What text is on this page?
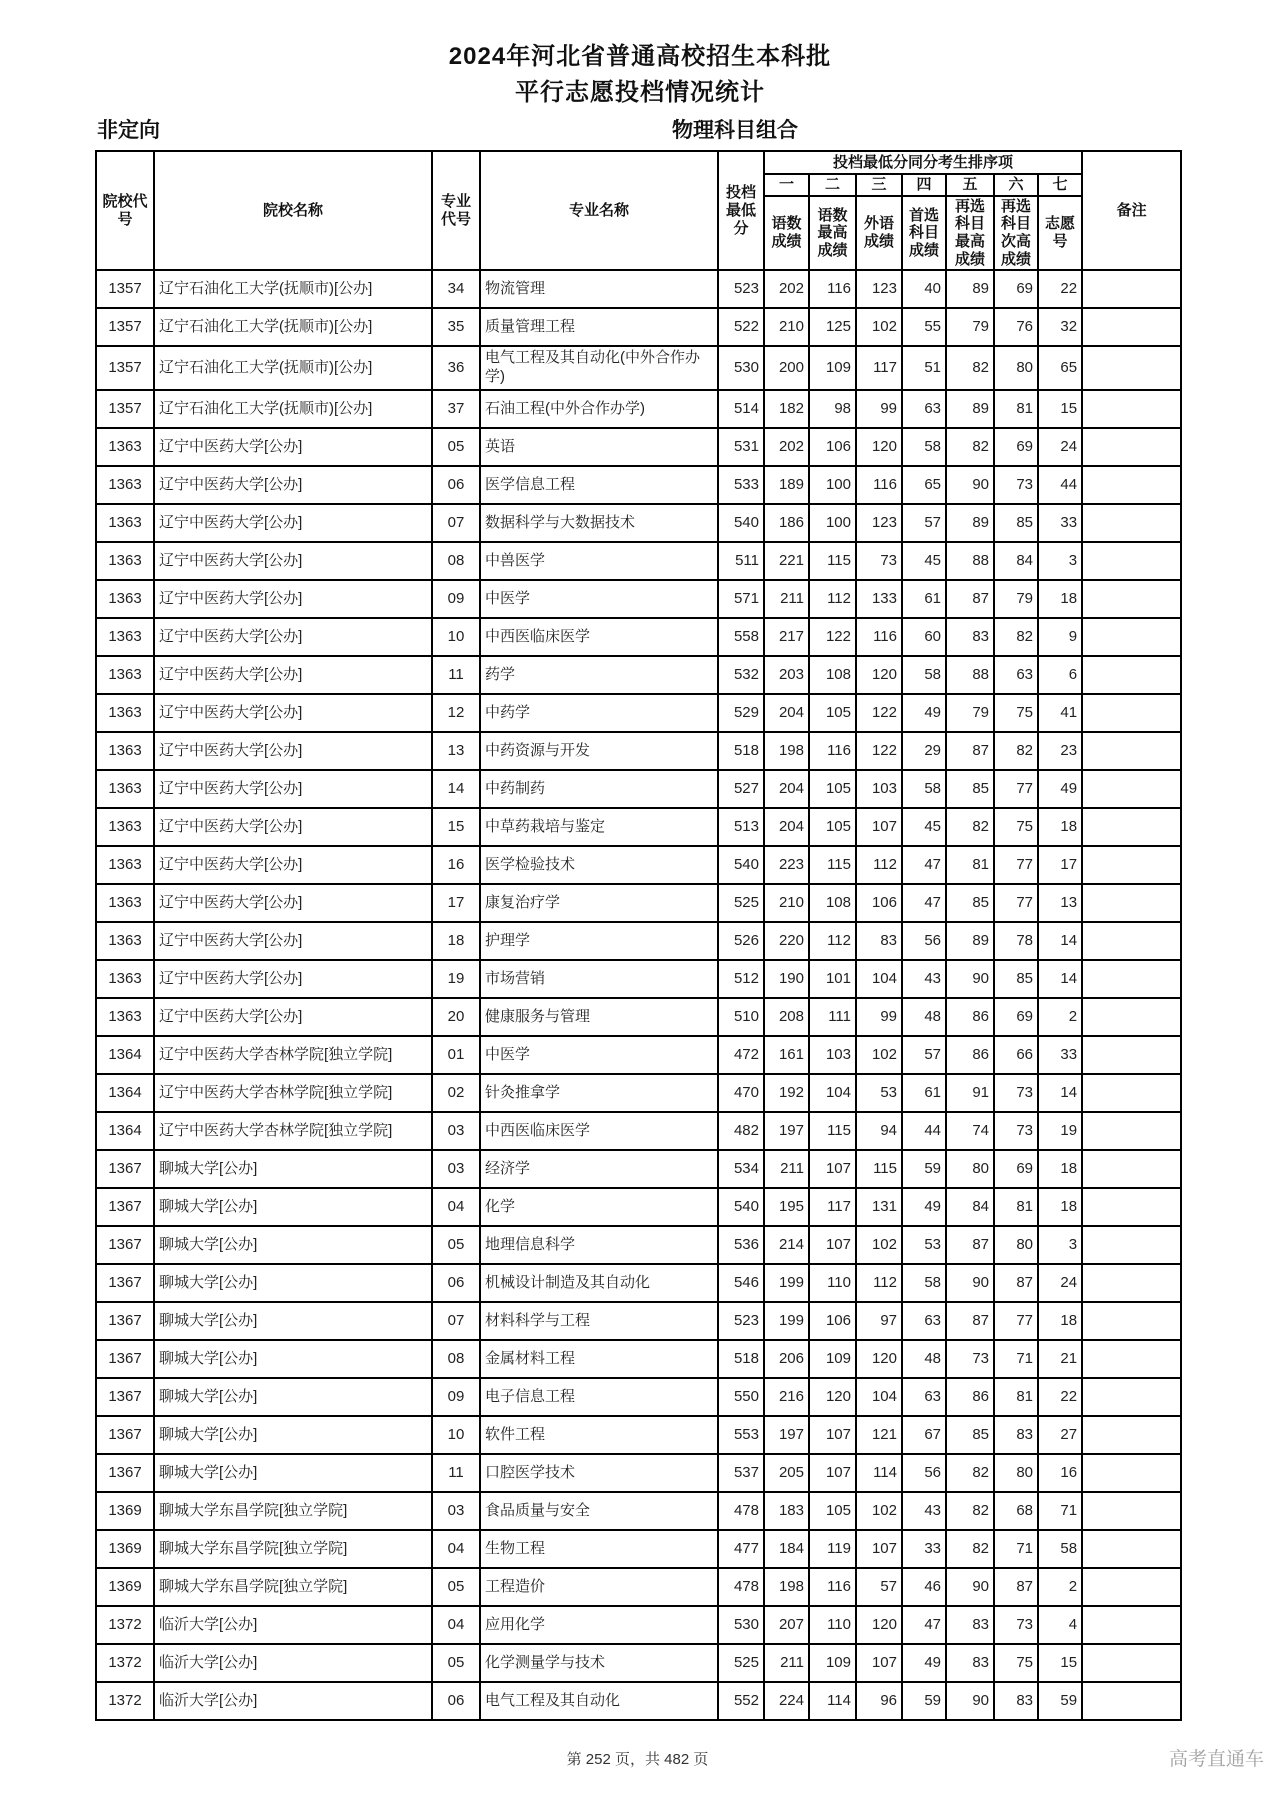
2024年河北省普通高校招生本科批
平行志愿投档情况统计
非定向	物理科目组合
院校代号	院校名称	专业代号	专业名称	投档最低分	投档最低分同分考生排序项							备注
					一	二	三	四	五	六	七	
					语数成绩	语数最高成绩	外语成绩	首选科目成绩	再选科目最高成绩	再选科目次高成绩	志愿号	
1357	辽宁石油化工大学(抚顺市)[公办]	34	物流管理	523	202	116	123	40	89	69	22	
1357	辽宁石油化工大学(抚顺市)[公办]	35	质量管理工程	522	210	125	102	55	79	76	32	
1357	辽宁石油化工大学(抚顺市)[公办]	36	电气工程及其自动化(中外合作办学)	530	200	109	117	51	82	80	65	
1357	辽宁石油化工大学(抚顺市)[公办]	37	石油工程(中外合作办学)	514	182	98	99	63	89	81	15	
1363	辽宁中医药大学[公办]	05	英语	531	202	106	120	58	82	69	24	
1363	辽宁中医药大学[公办]	06	医学信息工程	533	189	100	116	65	90	73	44	
1363	辽宁中医药大学[公办]	07	数据科学与大数据技术	540	186	100	123	57	89	85	33	
1363	辽宁中医药大学[公办]	08	中兽医学	511	221	115	73	45	88	84	3	
1363	辽宁中医药大学[公办]	09	中医学	571	211	112	133	61	87	79	18	
1363	辽宁中医药大学[公办]	10	中西医临床医学	558	217	122	116	60	83	82	9	
1363	辽宁中医药大学[公办]	11	药学	532	203	108	120	58	88	63	6	
1363	辽宁中医药大学[公办]	12	中药学	529	204	105	122	49	79	75	41	
1363	辽宁中医药大学[公办]	13	中药资源与开发	518	198	116	122	29	87	82	23	
1363	辽宁中医药大学[公办]	14	中药制药	527	204	105	103	58	85	77	49	
1363	辽宁中医药大学[公办]	15	中草药栽培与鉴定	513	204	105	107	45	82	75	18	
1363	辽宁中医药大学[公办]	16	医学检验技术	540	223	115	112	47	81	77	17	
1363	辽宁中医药大学[公办]	17	康复治疗学	525	210	108	106	47	85	77	13	
1363	辽宁中医药大学[公办]	18	护理学	526	220	112	83	56	89	78	14	
1363	辽宁中医药大学[公办]	19	市场营销	512	190	101	104	43	90	85	14	
1363	辽宁中医药大学[公办]	20	健康服务与管理	510	208	111	99	48	86	69	2	
1364	辽宁中医药大学杏林学院[独立学院]	01	中医学	472	161	103	102	57	86	66	33	
1364	辽宁中医药大学杏林学院[独立学院]	02	针灸推拿学	470	192	104	53	61	91	73	14	
1364	辽宁中医药大学杏林学院[独立学院]	03	中西医临床医学	482	197	115	94	44	74	73	19	
1367	聊城大学[公办]	03	经济学	534	211	107	115	59	80	69	18	
1367	聊城大学[公办]	04	化学	540	195	117	131	49	84	81	18	
1367	聊城大学[公办]	05	地理信息科学	536	214	107	102	53	87	80	3	
1367	聊城大学[公办]	06	机械设计制造及其自动化	546	199	110	112	58	90	87	24	
1367	聊城大学[公办]	07	材料科学与工程	523	199	106	97	63	87	77	18	
1367	聊城大学[公办]	08	金属材料工程	518	206	109	120	48	73	71	21	
1367	聊城大学[公办]	09	电子信息工程	550	216	120	104	63	86	81	22	
1367	聊城大学[公办]	10	软件工程	553	197	107	121	67	85	83	27	
1367	聊城大学[公办]	11	口腔医学技术	537	205	107	114	56	82	80	16	
1369	聊城大学东昌学院[独立学院]	03	食品质量与安全	478	183	105	102	43	82	68	71	
1369	聊城大学东昌学院[独立学院]	04	生物工程	477	184	119	107	33	82	71	58	
1369	聊城大学东昌学院[独立学院]	05	工程造价	478	198	116	57	46	90	87	2	
1372	临沂大学[公办]	04	应用化学	530	207	110	120	47	83	73	4	
1372	临沂大学[公办]	05	化学测量学与技术	525	211	109	107	49	83	75	15	
1372	临沂大学[公办]	06	电气工程及其自动化	552	224	114	96	59	90	83	59	
第 252 页，共 482 页	高考直通车
